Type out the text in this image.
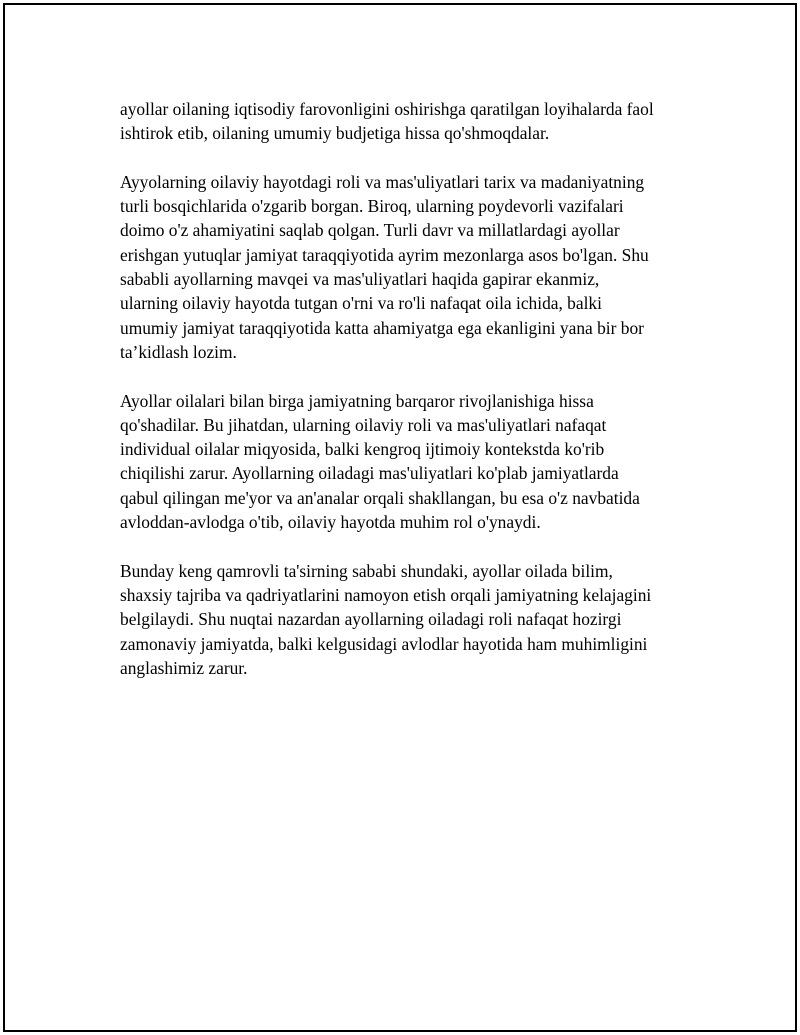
ayollar oilaning iqtisodiy farovonligini oshirishga qaratilgan loyihalarda faol
ishtirok etib, oilaning umumiy budjetiga hissa qo'shmoqdalar.

Ayyolarning oilaviy hayotdagi roli va mas'uliyatlari tarix va madaniyatning
turli bosqichlarida o'zgarib borgan. Biroq, ularning poydevorli vazifalari
doimo o'z ahamiyatini saqlab qolgan. Turli davr va millatlardagi ayollar
erishgan yutuqlar jamiyat taraqqiyotida ayrim mezonlarga asos bo'lgan. Shu
sababli ayollarning mavqei va mas'uliyatlari haqida gapirar ekanmiz,
ularning oilaviy hayotda tutgan o'rni va ro'li nafaqat oila ichida, balki
umumiy jamiyat taraqqiyotida katta ahamiyatga ega ekanligini yana bir bor
ta’kidlash lozim.

Ayollar oilalari bilan birga jamiyatning barqaror rivojlanishiga hissa
qo'shadilar. Bu jihatdan, ularning oilaviy roli va mas'uliyatlari nafaqat
individual oilalar miqyosida, balki kengroq ijtimoiy kontekstda ko'rib
chiqilishi zarur. Ayollarning oiladagi mas'uliyatlari ko'plab jamiyatlarda
qabul qilingan me'yor va an'analar orqali shakllangan, bu esa o'z navbatida
avloddan-avlodga o'tib, oilaviy hayotda muhim rol o'ynaydi.

Bunday keng qamrovli ta'sirning sababi shundaki, ayollar oilada bilim,
shaxsiy tajriba va qadriyatlarini namoyon etish orqali jamiyatning kelajagini
belgilaydi. Shu nuqtai nazardan ayollarning oiladagi roli nafaqat hozirgi
zamonaviy jamiyatda, balki kelgusidagi avlodlar hayotida ham muhimligini
anglashimiz zarur.
